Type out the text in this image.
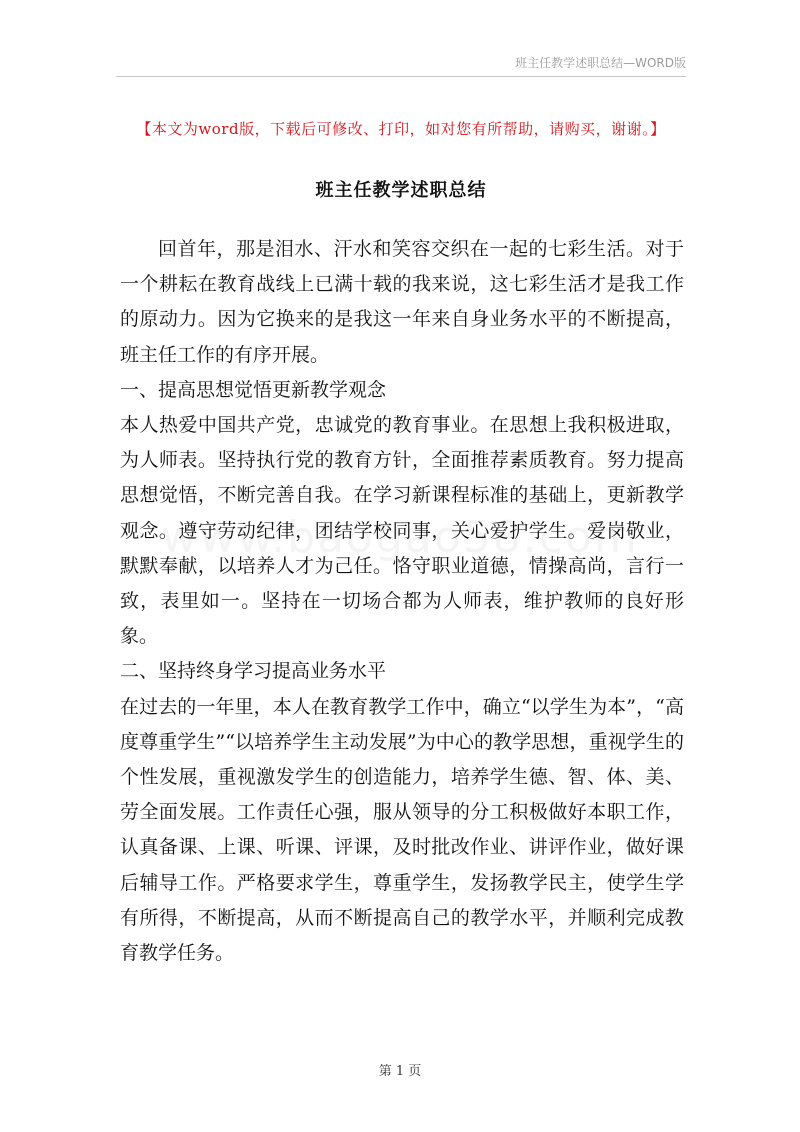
班主任教学述职总结—WORD版
【本文为word版，下载后可修改、打印，如对您有所帮助，请购买，谢谢。】
班主任教学述职总结

回首年，那是泪水、汗水和笑容交织在一起的七彩生活。对于一个耕耘在教育战线上已满十载的我来说，这七彩生活才是我工作的原动力。因为它换来的是我这一年来自身业务水平的不断提高，班主任工作的有序开展。

一、提高思想觉悟更新教学观念

本人热爱中国共产党，忠诚党的教育事业。在思想上我积极进取，为人师表。坚持执行党的教育方针，全面推荐素质教育。努力提高思想觉悟，不断完善自我。在学习新课程标准的基础上，更新教学观念。遵守劳动纪律，团结学校同事，关心爱护学生。爱岗敬业，默默奉献，以培养人才为己任。恪守职业道德，情操高尚，言行一致，表里如一。坚持在一切场合都为人师表，维护教师的良好形象。

二、坚持终身学习提高业务水平

在过去的一年里，本人在教育教学工作中，确立“以学生为本”，“高度尊重学生”“以培养学生主动发展”为中心的教学思想，重视学生的个性发展，重视激发学生的创造能力，培养学生德、智、体、美、劳全面发展。工作责任心强，服从领导的分工积极做好本职工作，认真备课、上课、听课、评课，及时批改作业、讲评作业，做好课后辅导工作。严格要求学生，尊重学生，发扬教学民主，使学生学有所得，不断提高，从而不断提高自己的教学水平，并顺利完成教育教学任务。

第 1 页
